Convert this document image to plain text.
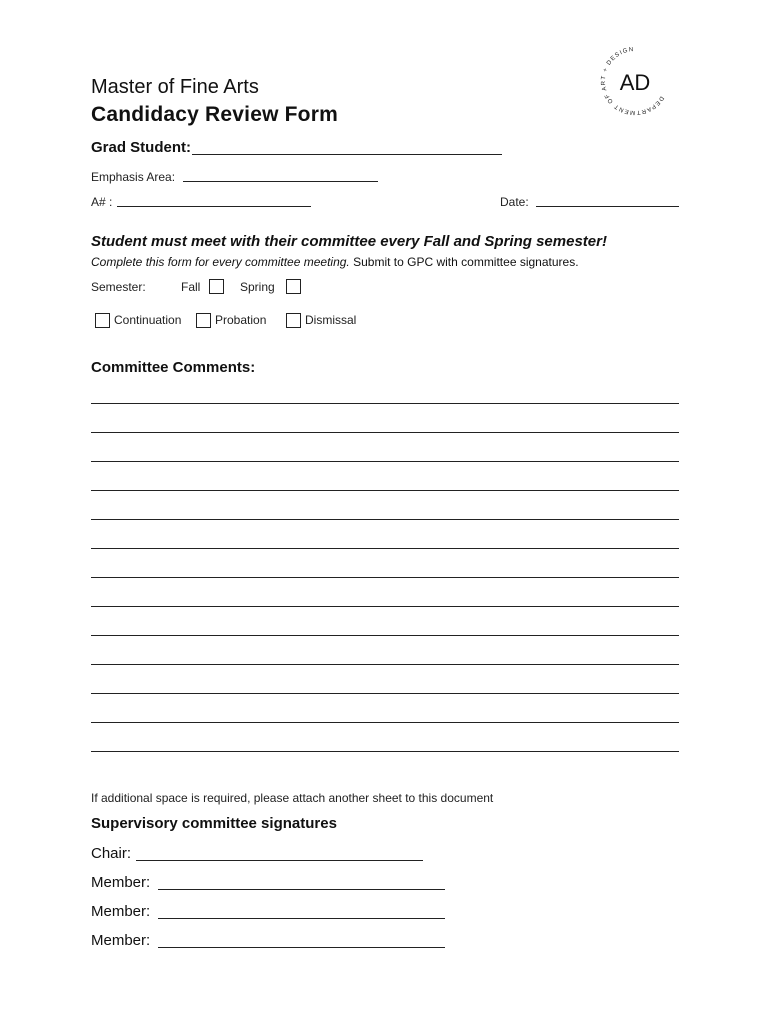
DEPARTMENT OF ART + DESIGN
AD
Master of Fine Arts
Candidacy Review Form
Grad Student:
Emphasis Area:
A# :	Date:
Student must meet with their committee every Fall and Spring semester!
Complete this form for every committee meeting. Submit to GPC with committee signatures.
Semester:	Fall	Spring
Continuation	Probation	Dismissal
Committee Comments:
If additional space is required, please attach another sheet to this document
Supervisory committee signatures
Chair:
Member:
Member:
Member:
